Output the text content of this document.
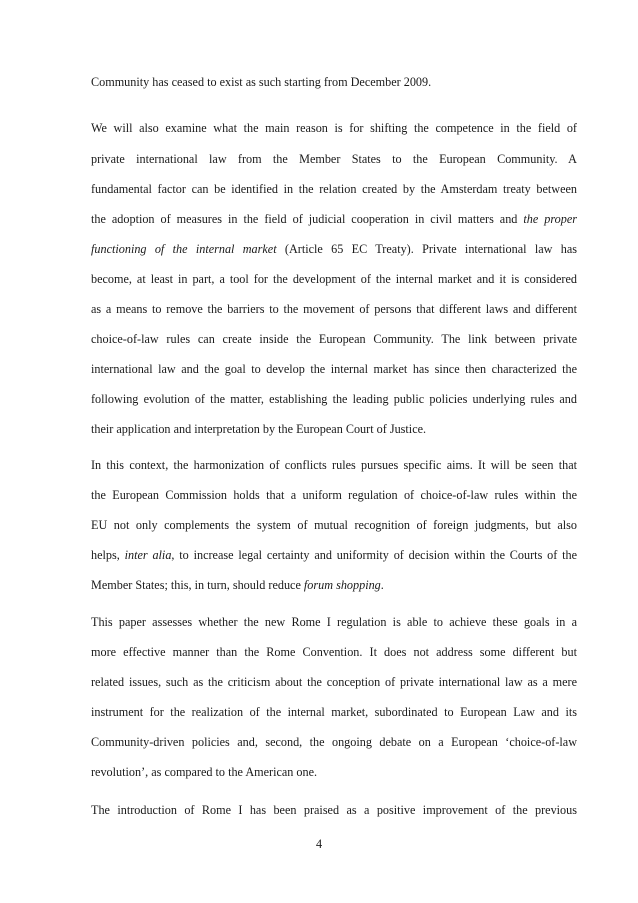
Community has ceased to exist as such starting from December 2009.
We will also examine what the main reason is for shifting the competence in the field of
private international law from the Member States to the European Community. A
fundamental factor can be identified in the relation created by the Amsterdam treaty between
the adoption of measures in the field of judicial cooperation in civil matters and the proper
functioning of the internal market (Article 65 EC Treaty). Private international law has
become, at least in part, a tool for the development of the internal market and it is considered
as a means to remove the barriers to the movement of persons that different laws and different
choice-of-law rules can create inside the European Community. The link between private
international law and the goal to develop the internal market has since then characterized the
following evolution of the matter, establishing the leading public policies underlying rules and
their application and interpretation by the European Court of Justice.
In this context, the harmonization of conflicts rules pursues specific aims. It will be seen that
the European Commission holds that a uniform regulation of choice-of-law rules within the
EU not only complements the system of mutual recognition of foreign judgments, but also
helps, inter alia, to increase legal certainty and uniformity of decision within the Courts of the
Member States; this, in turn, should reduce forum shopping.
This paper assesses whether the new Rome I regulation is able to achieve these goals in a
more effective manner than the Rome Convention. It does not address some different but
related issues, such as the criticism about the conception of private international law as a mere
instrument for the realization of the internal market, subordinated to European Law and its
Community-driven policies and, second, the ongoing debate on a European ‘choice-of-law
revolution’, as compared to the American one.
The introduction of Rome I has been praised as a positive improvement of the previous
4
